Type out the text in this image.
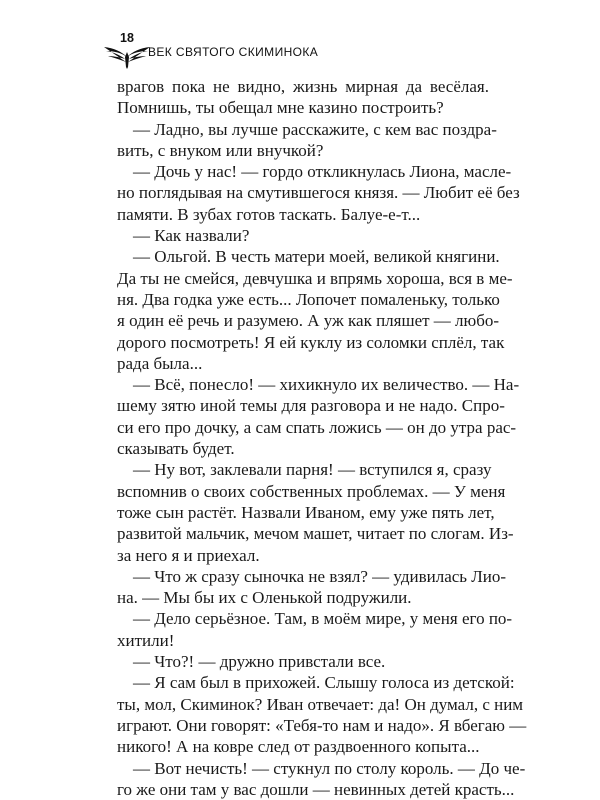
18
ВЕК СВЯТОГО СКИМИНОКА
врагов пока не видно, жизнь мирная да весёлая.
Помнишь, ты обещал мне казино построить?
— Ладно, вы лучше расскажите, с кем вас поздра-
вить, с внуком или внучкой?
— Дочь у нас! — гордо откликнулась Лиона, масле-
но поглядывая на смутившегося князя. — Любит её без
памяти. В зубах готов таскать. Балуе-е-т...
— Как назвали?
— Ольгой. В честь матери моей, великой княгини.
Да ты не смейся, девчушка и впрямь хороша, вся в ме-
ня. Два годка уже есть... Лопочет помаленьку, только
я один её речь и разумею. А уж как пляшет — любо-
дорого посмотреть! Я ей куклу из соломки сплёл, так
рада была...
— Всё, понесло! — хихикнуло их величество. — На-
шему зятю иной темы для разговора и не надо. Спро-
си его про дочку, а сам спать ложись — он до утра рас-
сказывать будет.
— Ну вот, заклевали парня! — вступился я, сразу
вспомнив о своих собственных проблемах. — У меня
тоже сын растёт. Назвали Иваном, ему уже пять лет,
развитой мальчик, мечом машет, читает по слогам. Из-
за него я и приехал.
— Что ж сразу сыночка не взял? — удивилась Лио-
на. — Мы бы их с Оленькой подружили.
— Дело серьёзное. Там, в моём мире, у меня его по-
хитили!
— Что?! — дружно привстали все.
— Я сам был в прихожей. Слышу голоса из детской:
ты, мол, Скиминок? Иван отвечает: да! Он думал, с ним
играют. Они говорят: «Тебя-то нам и надо». Я вбегаю —
никого! А на ковре след от раздвоенного копыта...
— Вот нечисть! — стукнул по столу король. — До че-
го же они там у вас дошли — невинных детей красть...
